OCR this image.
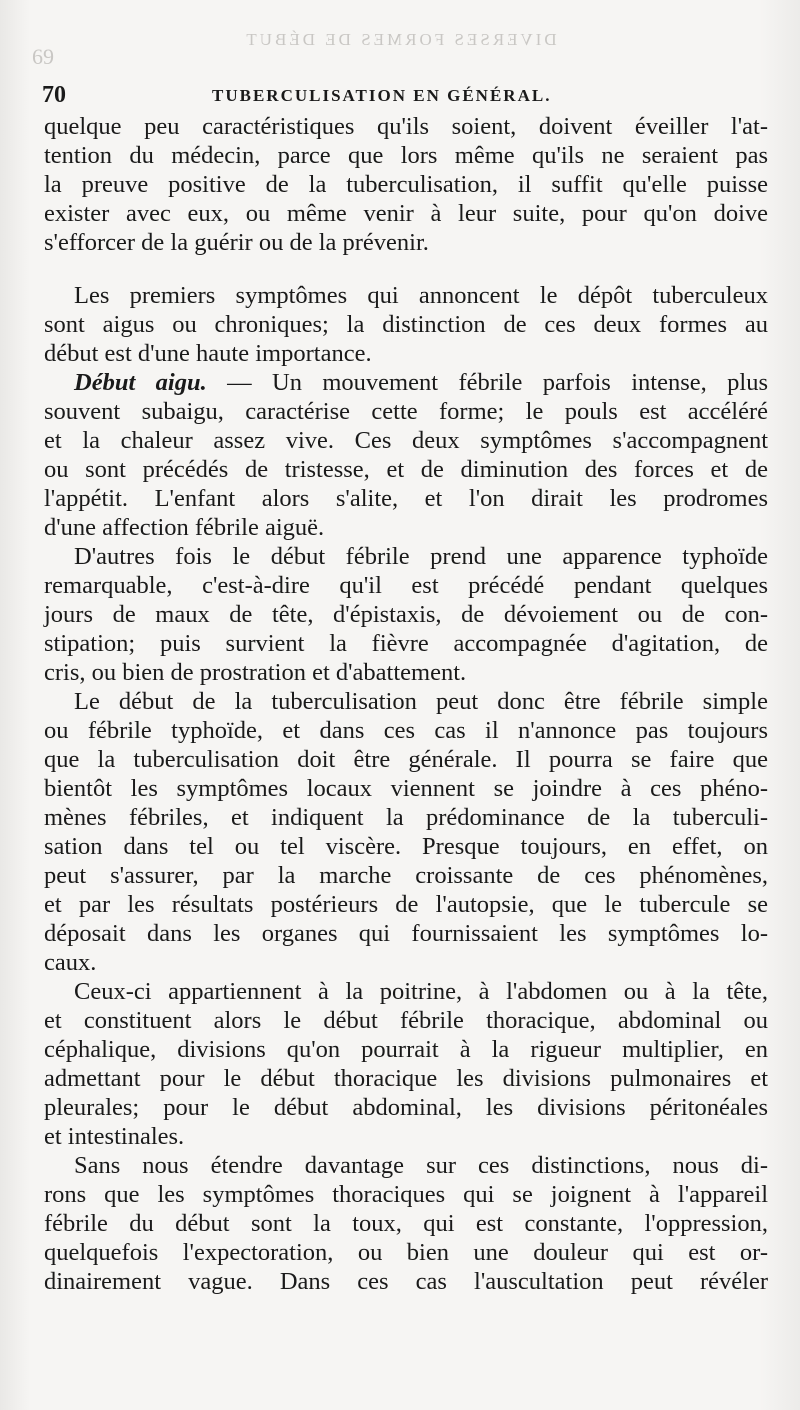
69
DIVERSES FORMES DE DÉBUT
70	TUBERCULISATION EN GÉNÉRAL.
quelque peu caractéristiques qu'ils soient, doivent éveiller l'at-
tention du médecin, parce que lors même qu'ils ne seraient pas
la preuve positive de la tuberculisation, il suffit qu'elle puisse
exister avec eux, ou même venir à leur suite, pour qu'on doive
s'efforcer de la guérir ou de la prévenir.
Les premiers symptômes qui annoncent le dépôt tuberculeux
sont aigus ou chroniques; la distinction de ces deux formes au
début est d'une haute importance.
Début aigu. — Un mouvement fébrile parfois intense, plus
souvent subaigu, caractérise cette forme; le pouls est accéléré
et la chaleur assez vive. Ces deux symptômes s'accompagnent
ou sont précédés de tristesse, et de diminution des forces et de
l'appétit. L'enfant alors s'alite, et l'on dirait les prodromes
d'une affection fébrile aiguë.
D'autres fois le début fébrile prend une apparence typhoïde
remarquable, c'est-à-dire qu'il est précédé pendant quelques
jours de maux de tête, d'épistaxis, de dévoiement ou de con-
stipation; puis survient la fièvre accompagnée d'agitation, de
cris, ou bien de prostration et d'abattement.
Le début de la tuberculisation peut donc être fébrile simple
ou fébrile typhoïde, et dans ces cas il n'annonce pas toujours
que la tuberculisation doit être générale. Il pourra se faire que
bientôt les symptômes locaux viennent se joindre à ces phéno-
mènes fébriles, et indiquent la prédominance de la tuberculi-
sation dans tel ou tel viscère. Presque toujours, en effet, on
peut s'assurer, par la marche croissante de ces phénomènes,
et par les résultats postérieurs de l'autopsie, que le tubercule se
déposait dans les organes qui fournissaient les symptômes lo-
caux.
Ceux-ci appartiennent à la poitrine, à l'abdomen ou à la tête,
et constituent alors le début fébrile thoracique, abdominal ou
céphalique, divisions qu'on pourrait à la rigueur multiplier, en
admettant pour le début thoracique les divisions pulmonaires et
pleurales; pour le début abdominal, les divisions péritonéales
et intestinales.
Sans nous étendre davantage sur ces distinctions, nous di-
rons que les symptômes thoraciques qui se joignent à l'appareil
fébrile du début sont la toux, qui est constante, l'oppression,
quelquefois l'expectoration, ou bien une douleur qui est or-
dinairement vague. Dans ces cas l'auscultation peut révéler
